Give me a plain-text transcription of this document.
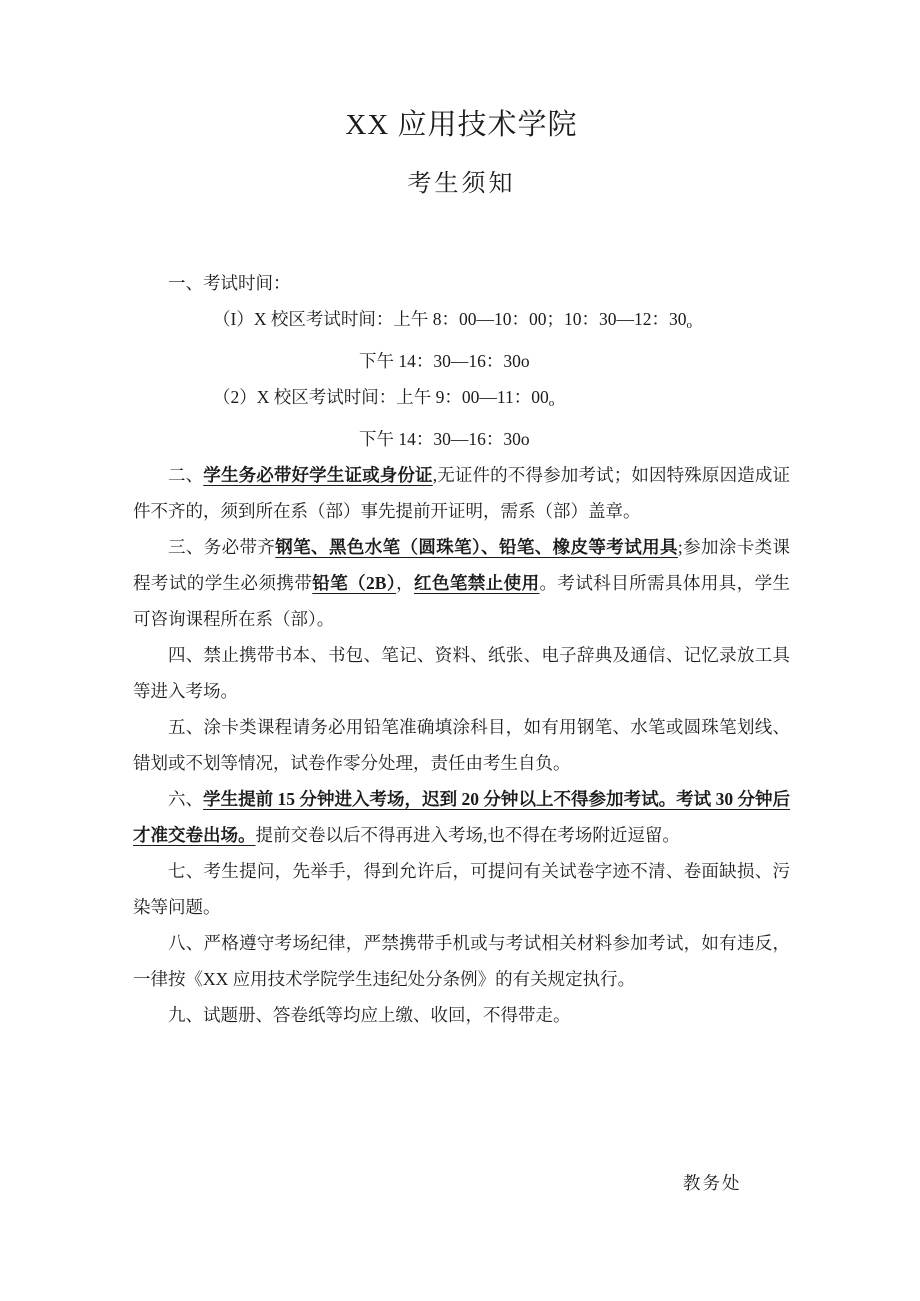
XX 应用技术学院
考生须知

一、考试时间：

（I）X 校区考试时间：上午 8：00—10：00；10：30—12：$30_o$

下午 14：30—16：30o

（2）X 校区考试时间：上午 9：00—11：$00_o$

下午 14：30—16：30o

二、学生务必带好学生证或身份证,无证件的不得参加考试；如因特殊原因造成证件不齐的，须到所在系（部）事先提前开证明，需系（部）盖章。

三、务必带齐钢笔、黑色水笔（圆珠笔）、铅笔、橡皮等考试用具;参加涂卡类课程考试的学生必须携带铅笔（2B），红色笔禁止使用。考试科目所需具体用具，学生可咨询课程所在系（部）。

四、禁止携带书本、书包、笔记、资料、纸张、电子辞典及通信、记忆录放工具等进入考场。

五、涂卡类课程请务必用铅笔准确填涂科目，如有用钢笔、水笔或圆珠笔划线、错划或不划等情况，试卷作零分处理，责任由考生自负。

六、学生提前 15 分钟进入考场，迟到 20 分钟以上不得参加考试。考试 30 分钟后才准交卷出场。提前交卷以后不得再进入考场,也不得在考场附近逗留。

七、考生提问，先举手，得到允许后，可提问有关试卷字迹不清、卷面缺损、污染等问题。

八、严格遵守考场纪律，严禁携带手机或与考试相关材料参加考试，如有违反，一律按《XX 应用技术学院学生违纪处分条例》的有关规定执行。

九、试题册、答卷纸等均应上缴、收回，不得带走。

教务处
